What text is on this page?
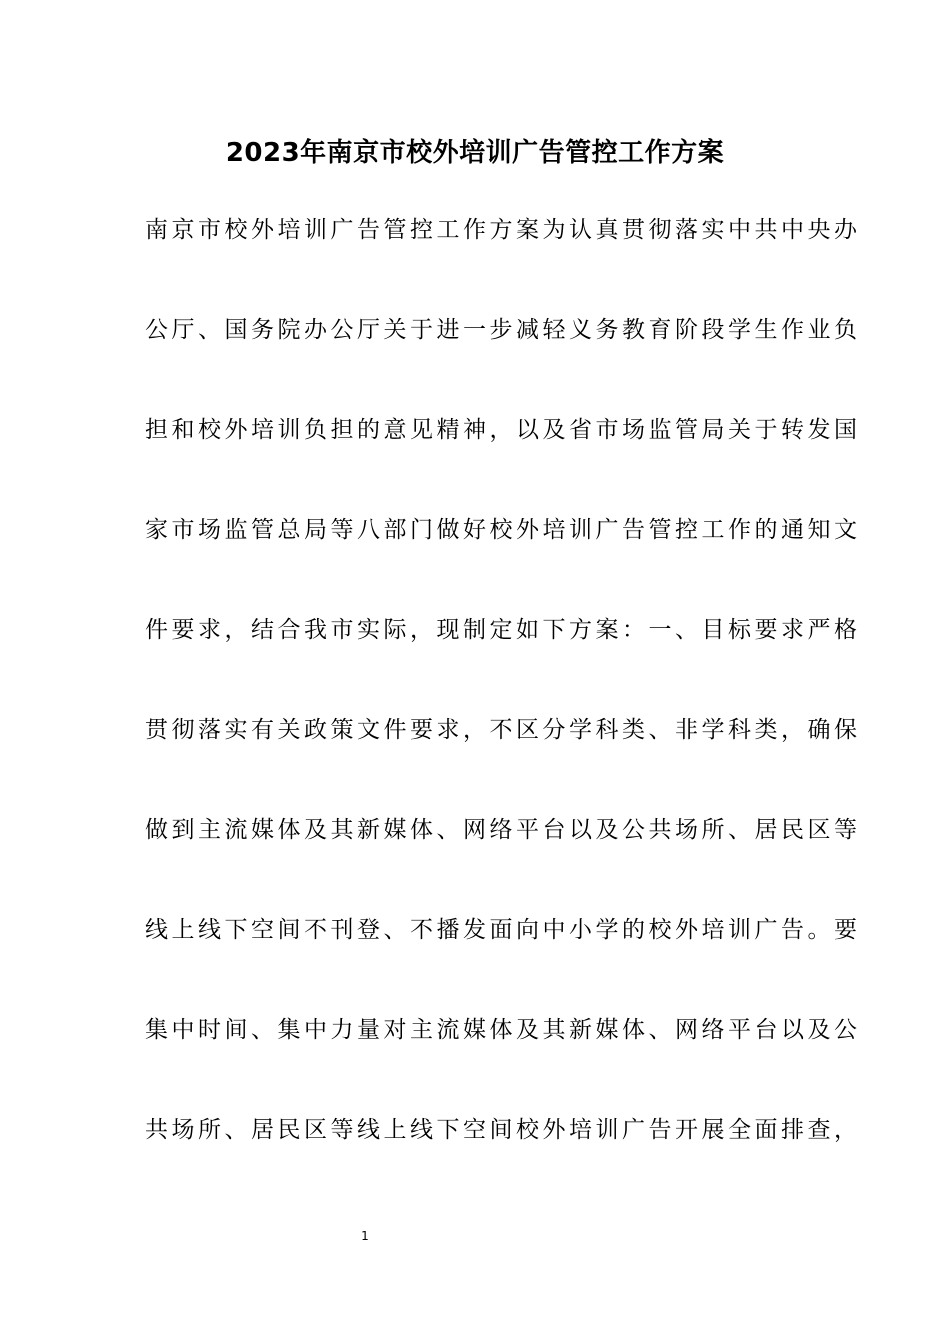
2023年南京市校外培训广告管控工作方案
南京市校外培训广告管控工作方案为认真贯彻落实中共中央办
公厅、国务院办公厅关于进一步减轻义务教育阶段学生作业负
担和校外培训负担的意见精神，以及省市场监管局关于转发国
家市场监管总局等八部门做好校外培训广告管控工作的通知文
件要求，结合我市实际，现制定如下方案：一、目标要求严格
贯彻落实有关政策文件要求，不区分学科类、非学科类，确保
做到主流媒体及其新媒体、网络平台以及公共场所、居民区等
线上线下空间不刊登、不播发面向中小学的校外培训广告。要
集中时间、集中力量对主流媒体及其新媒体、网络平台以及公
共场所、居民区等线上线下空间校外培训广告开展全面排查，
1
